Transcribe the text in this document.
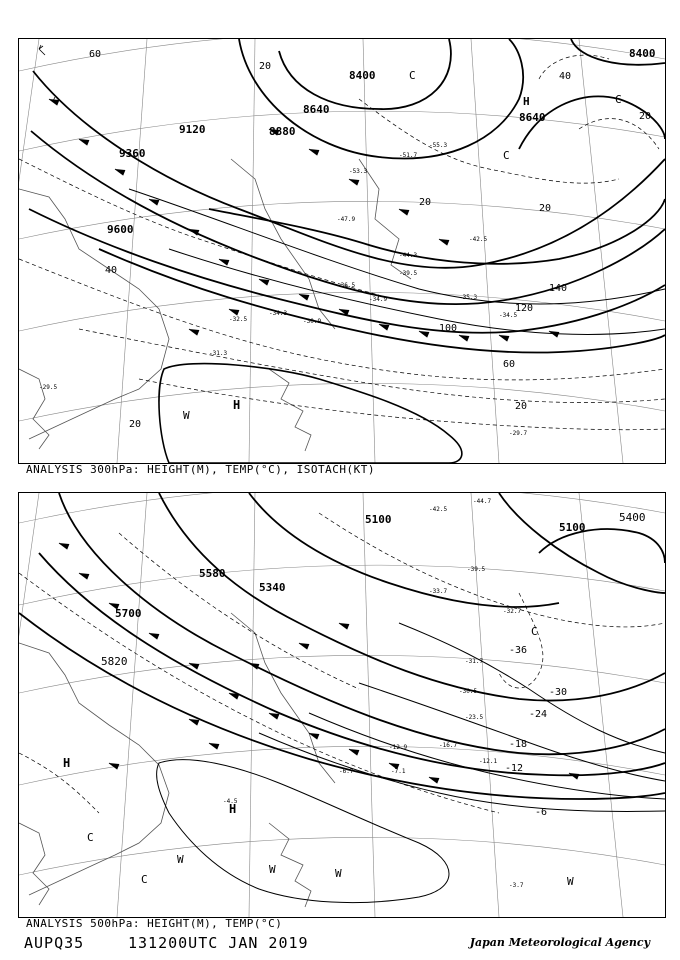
9360
9120
9600
8880
8640
8400
8640
8400
60
20
40
140
120
100
60
20
20
40
20
20
20
-53.3
-51.7
-55.3
-47.9
-42.5
-44.3
-39.5
-36.5
-35.3
-34.9
-34.5
-32.5
-31.3
-30.9
-34.3
-29.5
-29.7
H
W
C
C
C
H
ANALYSIS 300hPa: HEIGHT(M), TEMP(°C), ISOTACH(KT)
5100
5100
5580
5340
5700
5820
5400
-36
-30
-24
-18
-12
-6
-44.7
-42.5
-39.5
-33.7
-32.7
-31.7
-30.5
-23.5
-16.7
-12.9
-12.1
-7.1
-6.7
-4.5
-3.7
H
H
C
C
C
W
W	W
W
ANALYSIS 500hPa: HEIGHT(M), TEMP(°C)
AUPQ35	131200UTC JAN 2019	Japan Meteorological Agency
